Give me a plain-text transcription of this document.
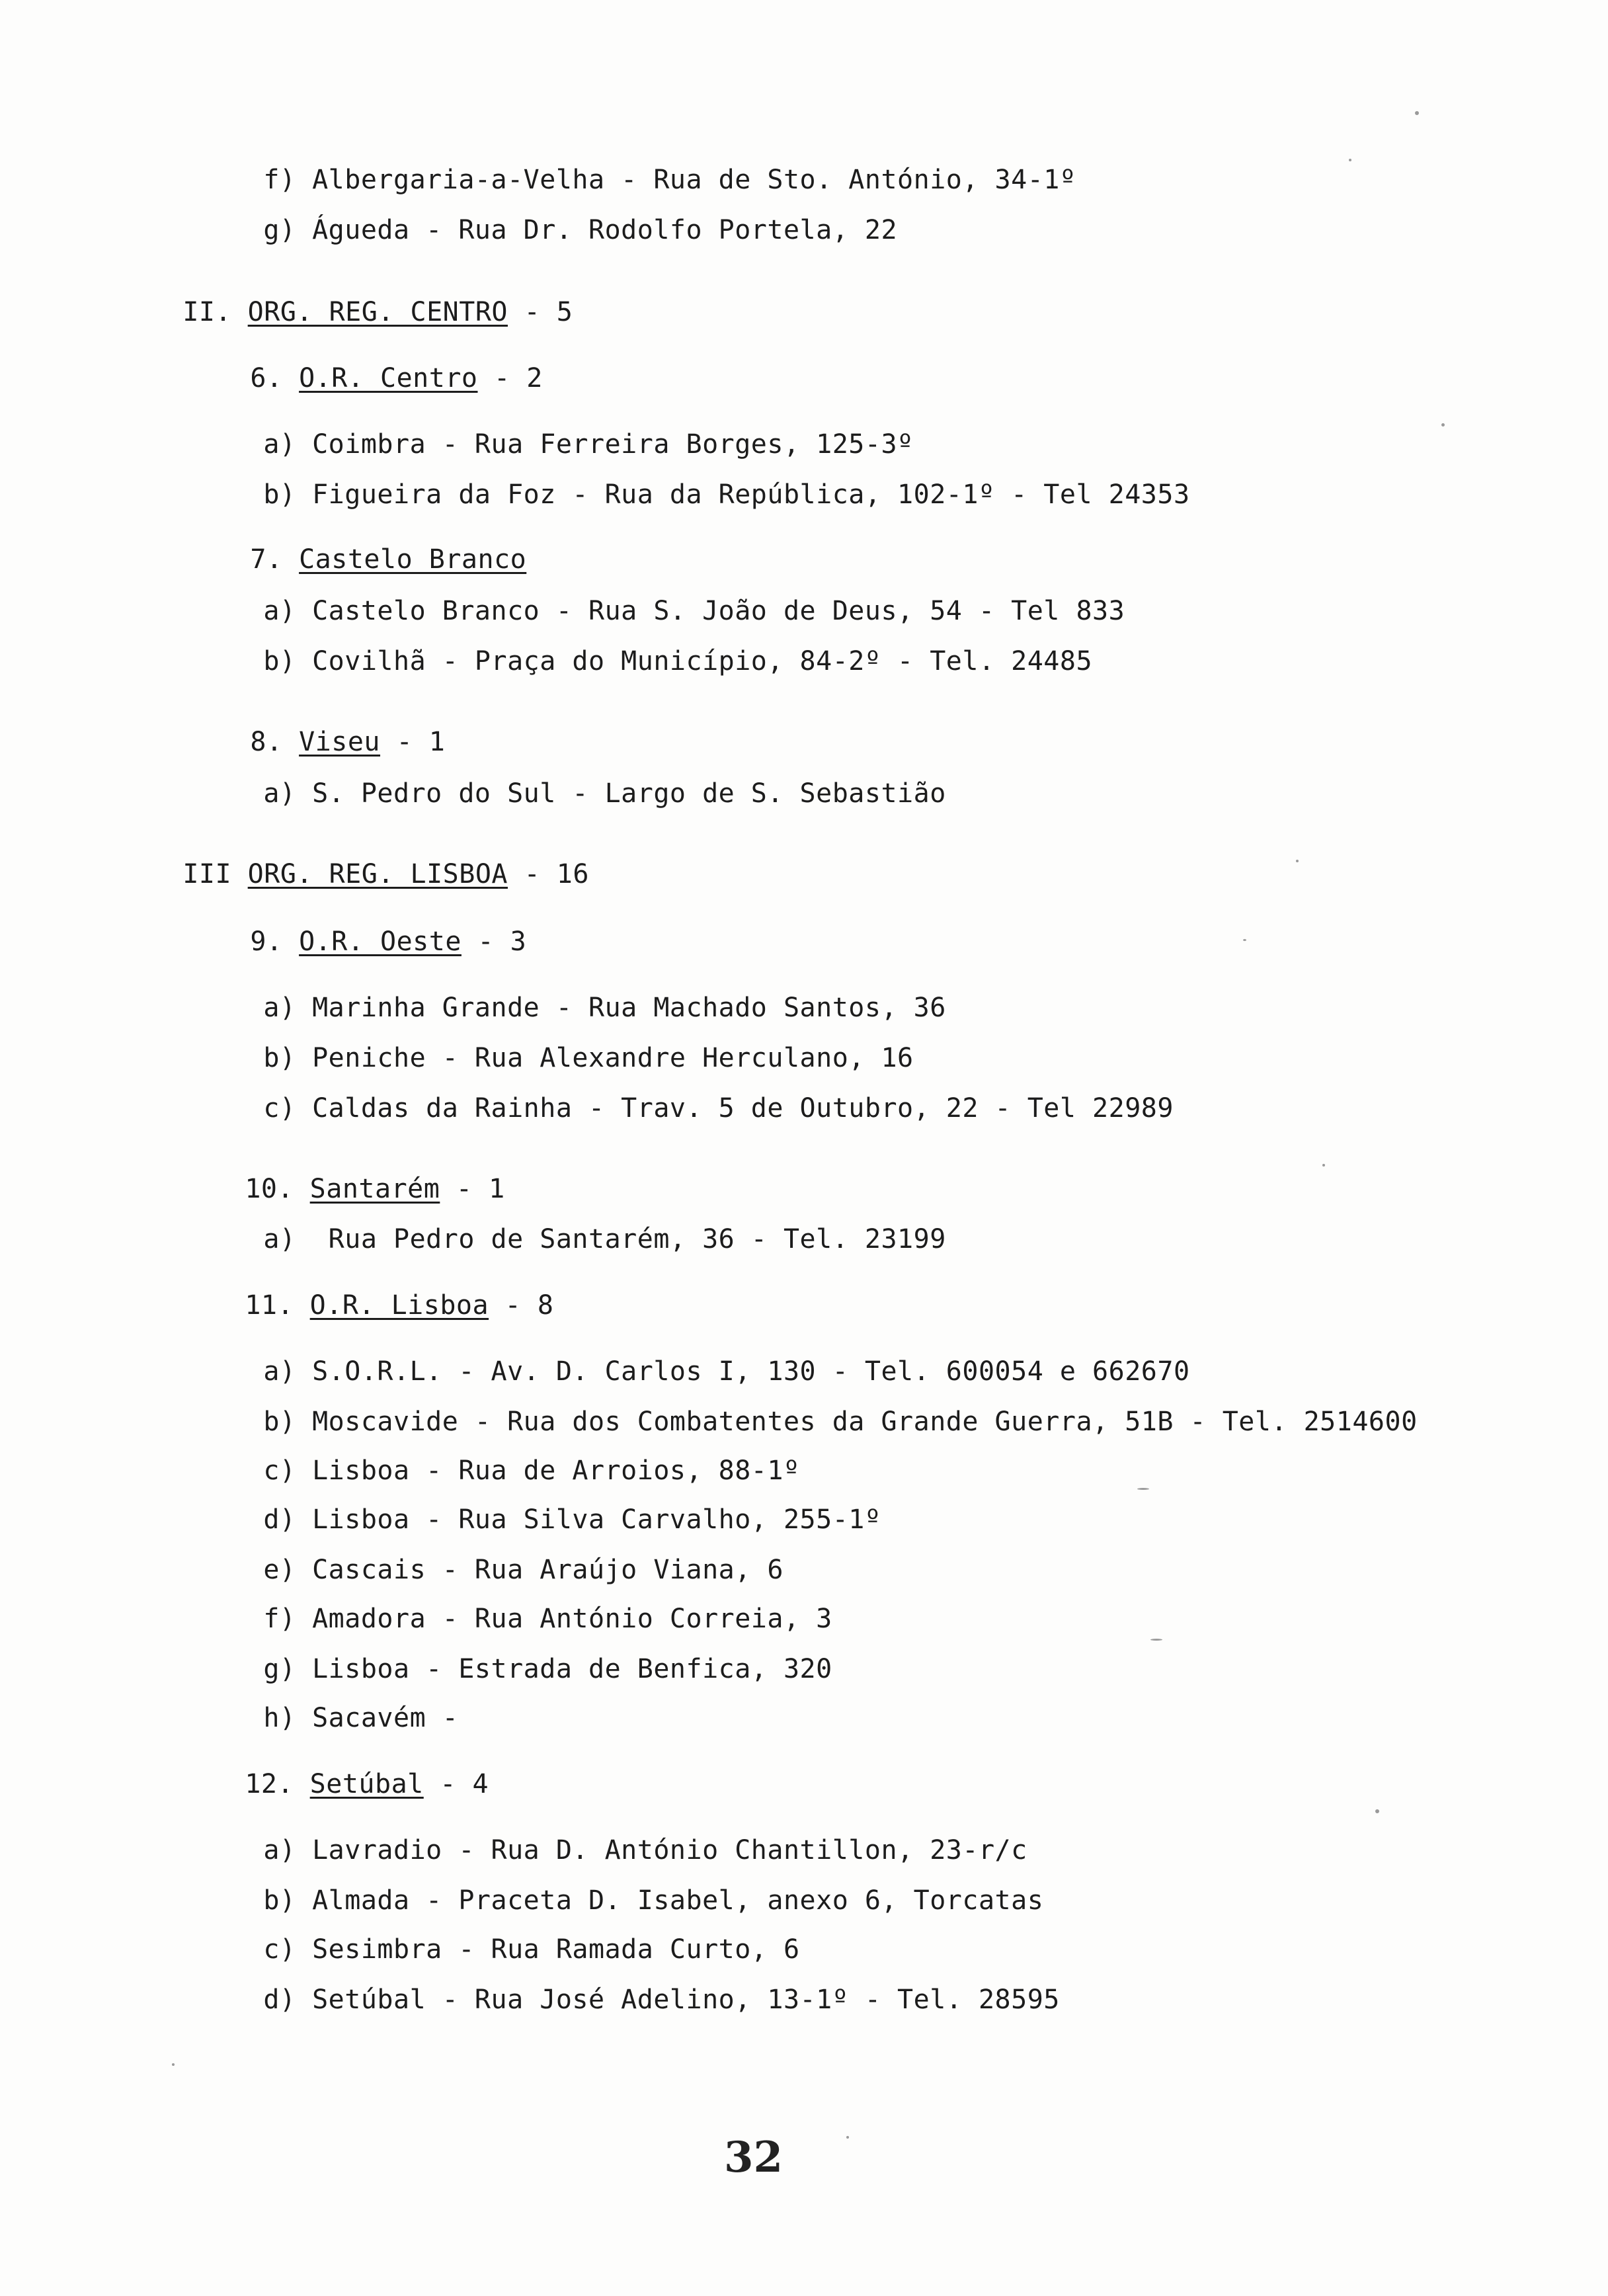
f) Albergaria-a-Velha - Rua de Sto. António, 34-1º

g) Águeda - Rua Dr. Rodolfo Portela, 22

II. ORG. REG. CENTRO - 5

6. O.R. Centro - 2

a) Coimbra - Rua Ferreira Borges, 125-3º

b) Figueira da Foz - Rua da República, 102-1º - Tel 24353

7. Castelo Branco

a) Castelo Branco - Rua S. João de Deus, 54 - Tel 833

b) Covilhã - Praça do Município, 84-2º - Tel. 24485

8. Viseu - 1

a) S. Pedro do Sul - Largo de S. Sebastião

III ORG. REG. LISBOA - 16

9. O.R. Oeste - 3

a) Marinha Grande - Rua Machado Santos, 36

b) Peniche - Rua Alexandre Herculano, 16

c) Caldas da Rainha - Trav. 5 de Outubro, 22 - Tel 22989

10. Santarém - 1

a)  Rua Pedro de Santarém, 36 - Tel. 23199

11. O.R. Lisboa - 8

a) S.O.R.L. - Av. D. Carlos I, 130 - Tel. 600054 e 662670

b) Moscavide - Rua dos Combatentes da Grande Guerra, 51B - Tel. 2514600

c) Lisboa - Rua de Arroios, 88-1º

d) Lisboa - Rua Silva Carvalho, 255-1º

e) Cascais - Rua Araújo Viana, 6

f) Amadora - Rua António Correia, 3

g) Lisboa - Estrada de Benfica, 320

h) Sacavém -

12. Setúbal - 4

a) Lavradio - Rua D. António Chantillon, 23-r/c

b) Almada - Praceta D. Isabel, anexo 6, Torcatas

c) Sesimbra - Rua Ramada Curto, 6

d) Setúbal - Rua José Adelino, 13-1º - Tel. 28595

32
